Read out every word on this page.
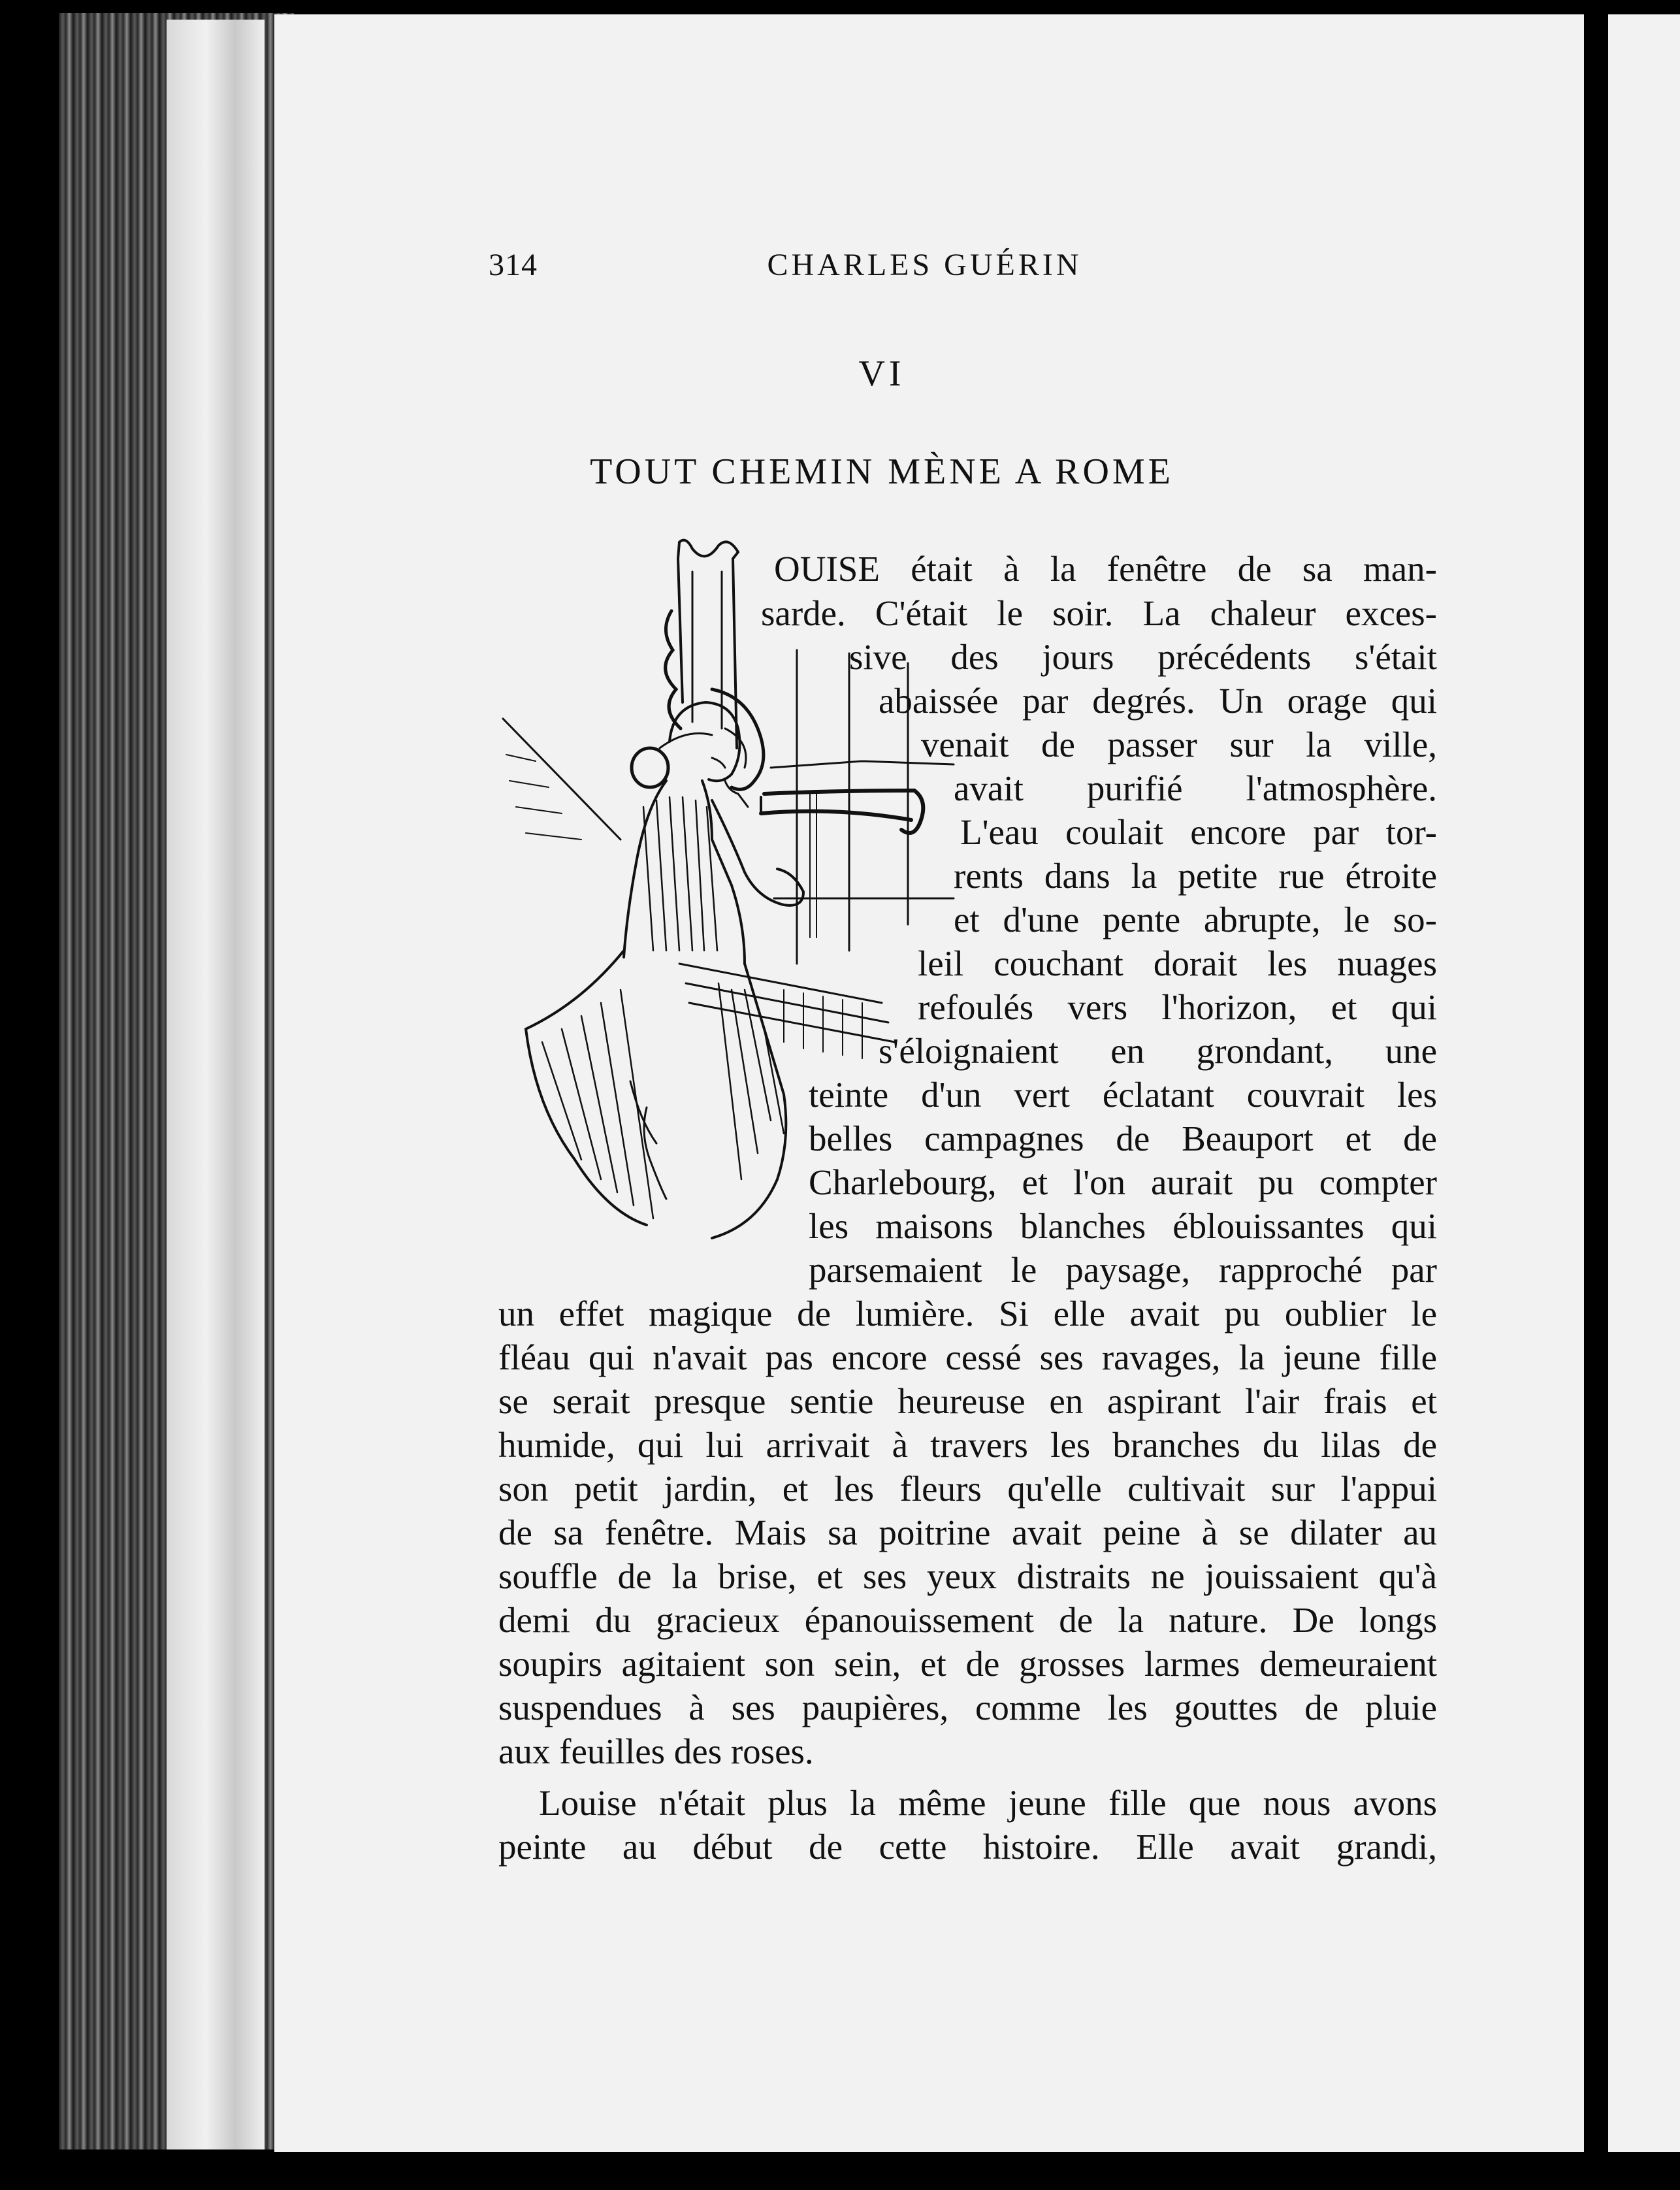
314	CHARLES GUÉRIN
VI
TOUT CHEMIN MÈNE A ROME
OUISE était à la fenêtre de sa man-
sarde. C'était le soir. La chaleur exces-
sive des jours précédents s'était
abaissée par degrés. Un orage qui
venait de passer sur la ville,
avait purifié l'atmosphère.
L'eau coulait encore par tor-
rents dans la petite rue étroite
et d'une pente abrupte, le so-
leil couchant dorait les nuages
refoulés vers l'horizon, et qui
s'éloignaient en grondant, une
teinte d'un vert éclatant couvrait les
belles campagnes de Beauport et de
Charlebourg, et l'on aurait pu compter
les maisons blanches éblouissantes qui
parsemaient le paysage, rapproché par
un effet magique de lumière. Si elle avait pu oublier le
fléau qui n'avait pas encore cessé ses ravages, la jeune fille
se serait presque sentie heureuse en aspirant l'air frais et
humide, qui lui arrivait à travers les branches du lilas de
son petit jardin, et les fleurs qu'elle cultivait sur l'appui
de sa fenêtre. Mais sa poitrine avait peine à se dilater au
souffle de la brise, et ses yeux distraits ne jouissaient qu'à
demi du gracieux épanouissement de la nature. De longs
soupirs agitaient son sein, et de grosses larmes demeuraient
suspendues à ses paupières, comme les gouttes de pluie
aux feuilles des roses.
Louise n'était plus la même jeune fille que nous avons
peinte au début de cette histoire. Elle avait grandi,
